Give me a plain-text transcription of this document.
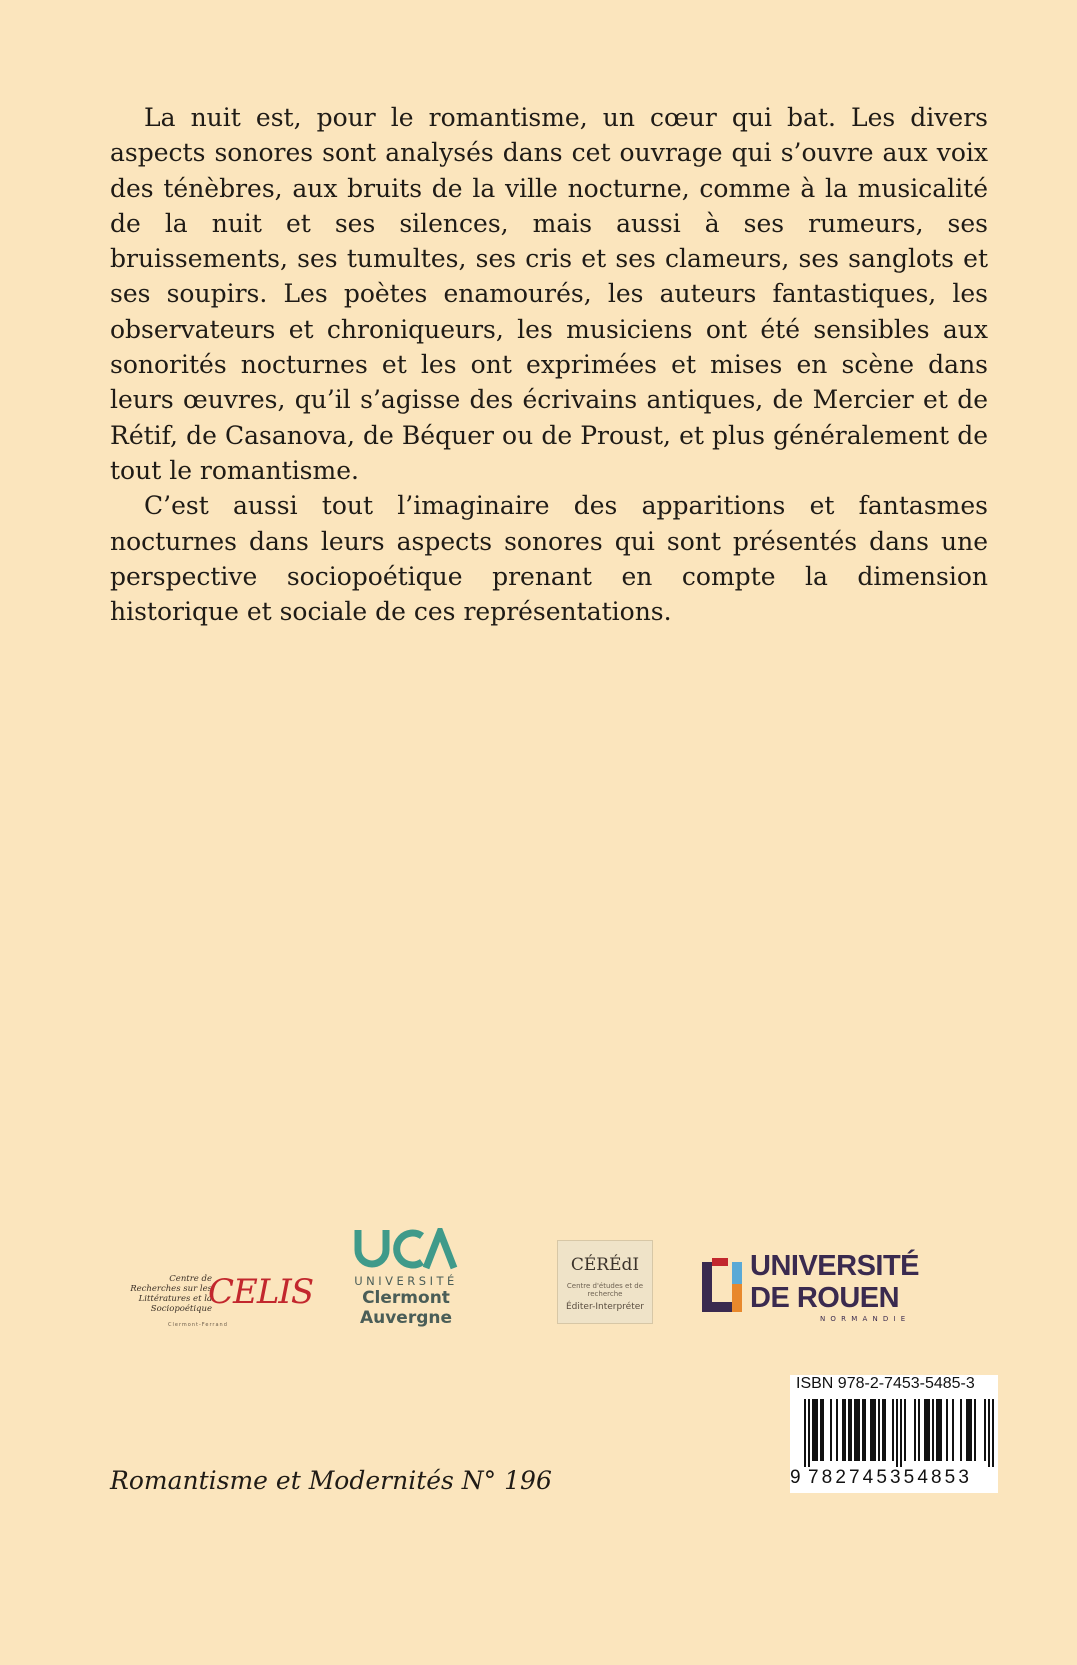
La nuit est, pour le romantisme, un cœur qui bat. Les divers aspects sonores sont analysés dans cet ouvrage qui s’ouvre aux voix des ténèbres, aux bruits de la ville nocturne, comme à la musicalité de la nuit et ses silences, mais aussi à ses rumeurs, ses bruissements, ses tumultes, ses cris et ses clameurs, ses sanglots et ses soupirs. Les poètes enamourés, les auteurs fantastiques, les observateurs et chroniqueurs, les musiciens ont été sensibles aux sonorités nocturnes et les ont exprimées et mises en scène dans leurs œuvres, qu’il s’agisse des écrivains antiques, de Mercier et de Rétif, de Casanova, de Béquer ou de Proust, et plus généralement de tout le romantisme.

C’est aussi tout l’imaginaire des apparitions et fantasmes nocturnes dans leurs aspects sonores qui sont présentés dans une perspective sociopoétique prenant en compte la dimension historique et sociale de ces représentations.

Centre de Recherches sur les Littératures et la Sociopoétique
CELIS
Clermont-Ferrand
UNIVERSITÉ
Clermont
Auvergne
CÉRÉdI
Centre d'études et de recherche
Éditer-Interpréter
UNIVERSITÉ
DE ROUEN
NORMANDIE
Romantisme et Modernités N° 196
ISBN 978-2-7453-5485-3
9 782745354853
